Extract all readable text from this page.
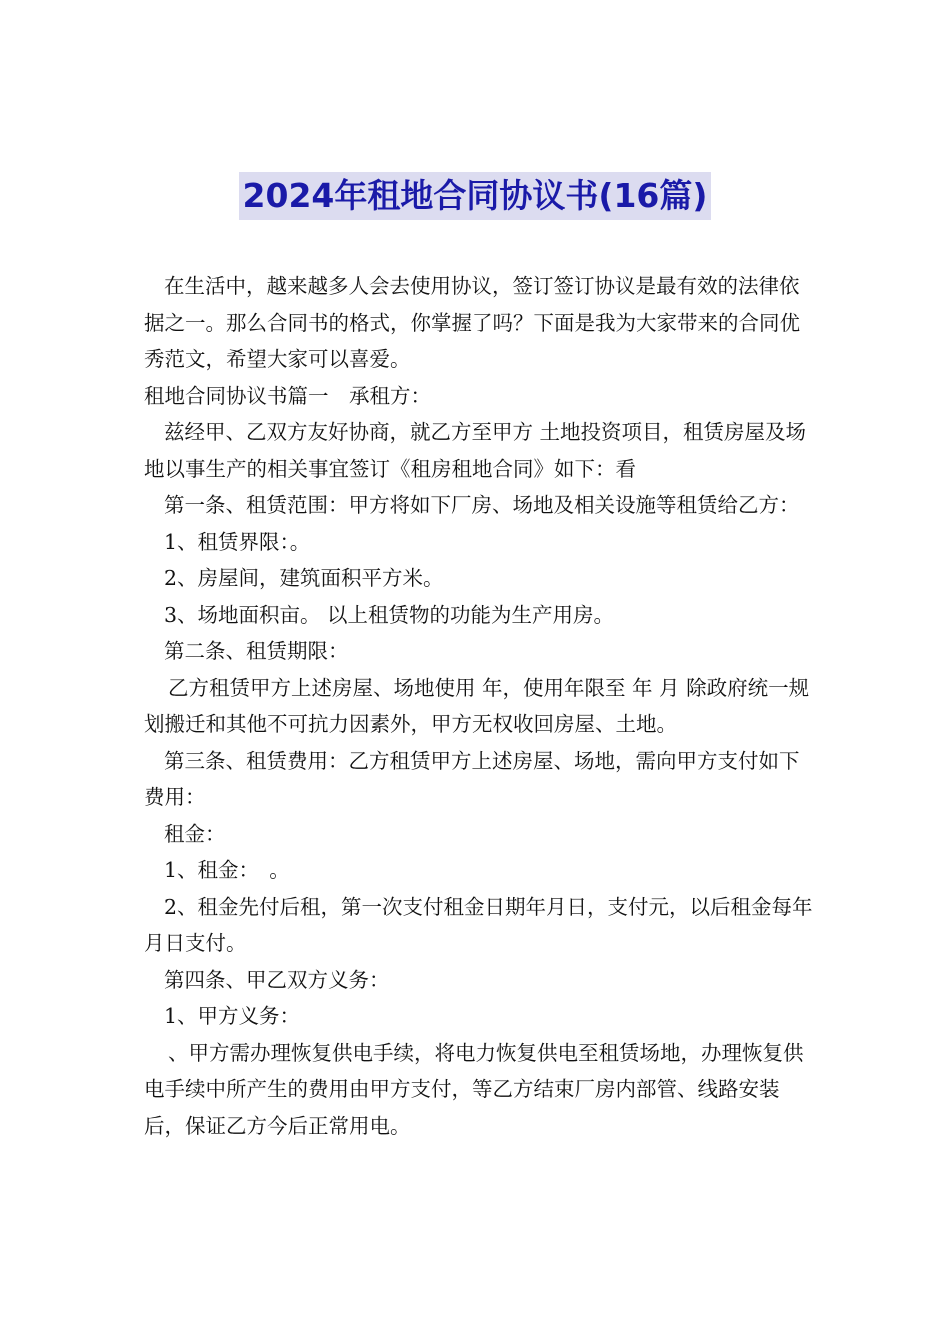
2024年租地合同协议书(16篇)

在生活中，越来越多人会去使用协议，签订签订协议是最有效的法律依据之一。那么合同书的格式，你掌握了吗？下面是我为大家带来的合同优秀范文，希望大家可以喜爱。

租地合同协议书篇一　承租方：

兹经甲、乙双方友好协商，就乙方至甲方 土地投资项目，租赁房屋及场地以事生产的相关事宜签订《租房租地合同》如下：看

第一条、租赁范围：甲方将如下厂房、场地及相关设施等租赁给乙方：

1、租赁界限：。

2、房屋间，建筑面积平方米。

3、场地面积亩。 以上租赁物的功能为生产用房。

第二条、租赁期限：

乙方租赁甲方上述房屋、场地使用 年，使用年限至 年 月 除政府统一规划搬迁和其他不可抗力因素外，甲方无权收回房屋、土地。

第三条、租赁费用：乙方租赁甲方上述房屋、场地，需向甲方支付如下费用：

租金：

1、租金：　。

2、租金先付后租，第一次支付租金日期年月日，支付元，以后租金每年月日支付。

第四条、甲乙双方义务：

1、甲方义务：

、甲方需办理恢复供电手续，将电力恢复供电至租赁场地，办理恢复供电手续中所产生的费用由甲方支付，等乙方结束厂房内部管、线路安装后，保证乙方今后正常用电。
